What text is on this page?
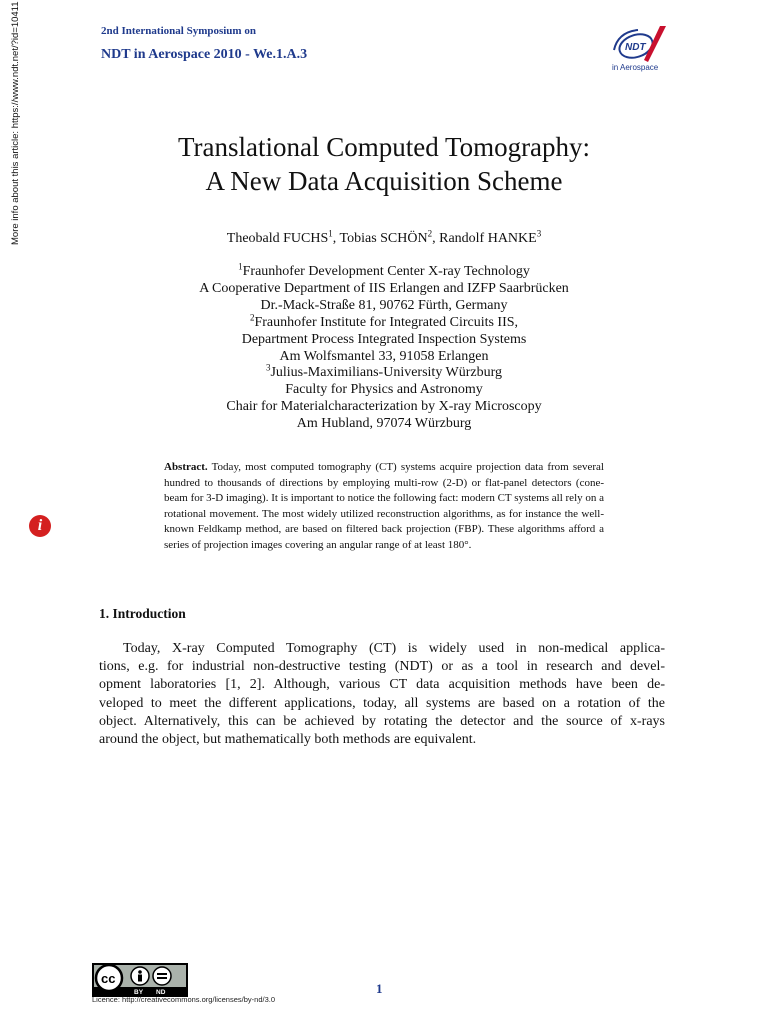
2nd International Symposium on
NDT in Aerospace 2010 - We.1.A.3	NDT
in Aerospace
Translational Computed Tomography:
A New Data Acquisition Scheme
Theobald FUCHS$^1$, Tobias SCHÖN$^2$, Randolf HANKE$^3$
$^1$Fraunhofer Development Center X-ray Technology
A Cooperative Department of IIS Erlangen and IZFP Saarbrücken
Dr.-Mack-Straße 81, 90762 Fürth, Germany
$^2$Fraunhofer Institute for Integrated Circuits IIS,
Department Process Integrated Inspection Systems
Am Wolfsmantel 33, 91058 Erlangen
$^3$Julius-Maximilians-University Würzburg
Faculty for Physics and Astronomy
Chair for Materialcharacterization by X-ray Microscopy
Am Hubland, 97074 Würzburg
Abstract. Today, most computed tomography (CT) systems acquire projection data from several hundred to thousands of directions by employing multi-row (2-D) or flat-panel detectors (cone-beam for 3-D imaging). It is important to notice the following fact: modern CT systems all rely on a rotational movement. The most widely utilized reconstruction algorithms, as for instance the well-known Feldkamp method, are based on filtered back projection (FBP). These algorithms afford a series of projection images covering an angular range of at least 180°.
1. Introduction
Today, X-ray Computed Tomography (CT) is widely used in non-medical applica-
tions, e.g. for industrial non-destructive testing (NDT) or as a tool in research and devel-
opment laboratories [1, 2]. Although, various CT data acquisition methods have been de-
veloped to meet the different applications, today, all systems are based on a rotation of the
object. Alternatively, this can be achieved by rotating the detector and the source of x-rays
around the object, but mathematically both methods are equivalent.
More info about this article: https://www.ndt.net/?id=10411
i
cc
BY ND
Licence: http://creativecommons.org/licenses/by-nd/3.0
1
